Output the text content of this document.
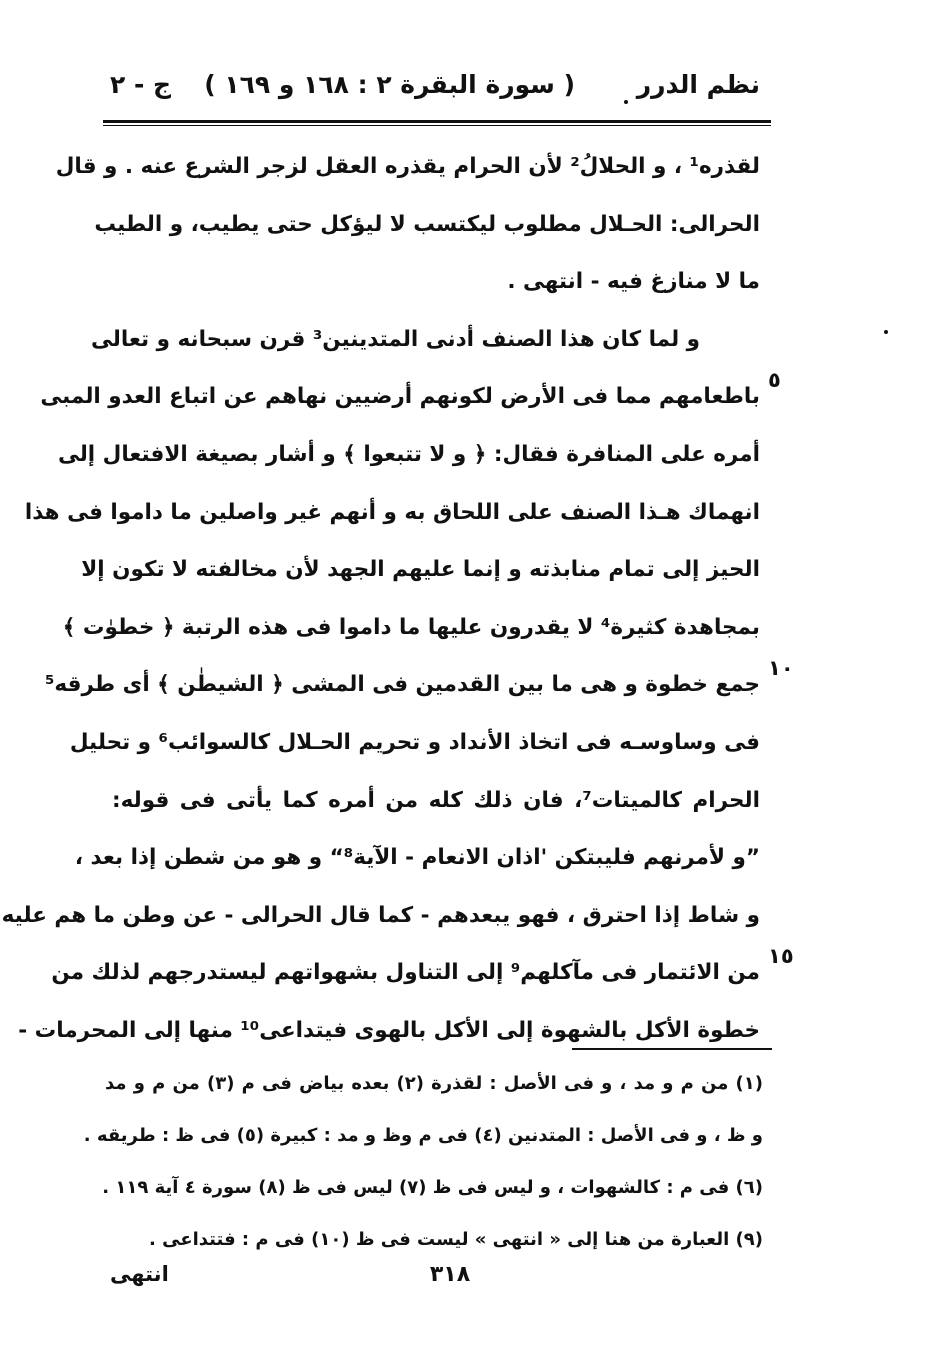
نظم الدرر
( سورة البقرة ٢ : ١٦٨ و ١٦٩ )
ج - ٢
لقذره¹ ، و الحلالُ² لأن الحرام يقذره العقل لزجر الشرع عنه . و قال
الحرالى: الحـلال مطلوب ليكتسب لا ليؤكل حتى يطيب، و الطيب
ما لا منازغ فيه - انتهى .
و لما كان هذا الصنف أدنى المتدينين³ قرن سبحانه و تعالى
باطعامهم مما فى الأرض لكونهم أرضيين نهاهم عن اتباع العدو المبى
أمره على المنافرة فقال: ﴿ و لا تتبعوا ﴾ و أشار بصيغة الافتعال إلى
انهماك هـذا الصنف على اللحاق به و أنهم غير واصلين ما داموا فى هذا
الحيز إلى تمام منابذته و إنما عليهم الجهد لأن مخالفته لا تكون إلا
بمجاهدة كثيرة⁴ لا يقدرون عليها ما داموا فى هذه الرتبة ﴿ خطوٰت ﴾
جمع خطوة و هى ما بين القدمين فى المشى ﴿ الشيطٰن ﴾ أى طرقه⁵
فى وساوسـه فى اتخاذ الأنداد و تحريم الحـلال كالسوائب⁶ و تحليل
الحرام كالميتات⁷، فان ذلك كله من أمره كما يأتى فى قوله:
”و لأمرنهم فليبتكن 'اذان الانعام - الآية⁸“ و هو من شطن إذا بعد ،
و شاط إذا احترق ، فهو يبعدهم - كما قال الحرالى - عن وطن ما هم عليه
من الائتمار فى مآكلهم⁹ إلى التناول بشهواتهم ليستدرجهم لذلك من
خطوة الأكل بالشهوة إلى الأكل بالهوى فيتداعى¹⁰ منها إلى المحرمات -
٥
١٠
١٥
(١) من م و مد ، و فى الأصل : لقذرة (٢) بعده بياض فى م (٣) من م و مد
و ظ ، و فى الأصل : المتدنين (٤) فى م وظ و مد : كبيرة (٥) فى ظ : طريقه .
(٦) فى م : كالشهوات ، و ليس فى ظ (٧) ليس فى ظ (٨) سورة ٤ آية ١١٩ .
(٩) العبارة من هنا إلى « انتهى » ليست فى ظ (١٠) فى م : فتتداعى .
٣١٨
انتهى
